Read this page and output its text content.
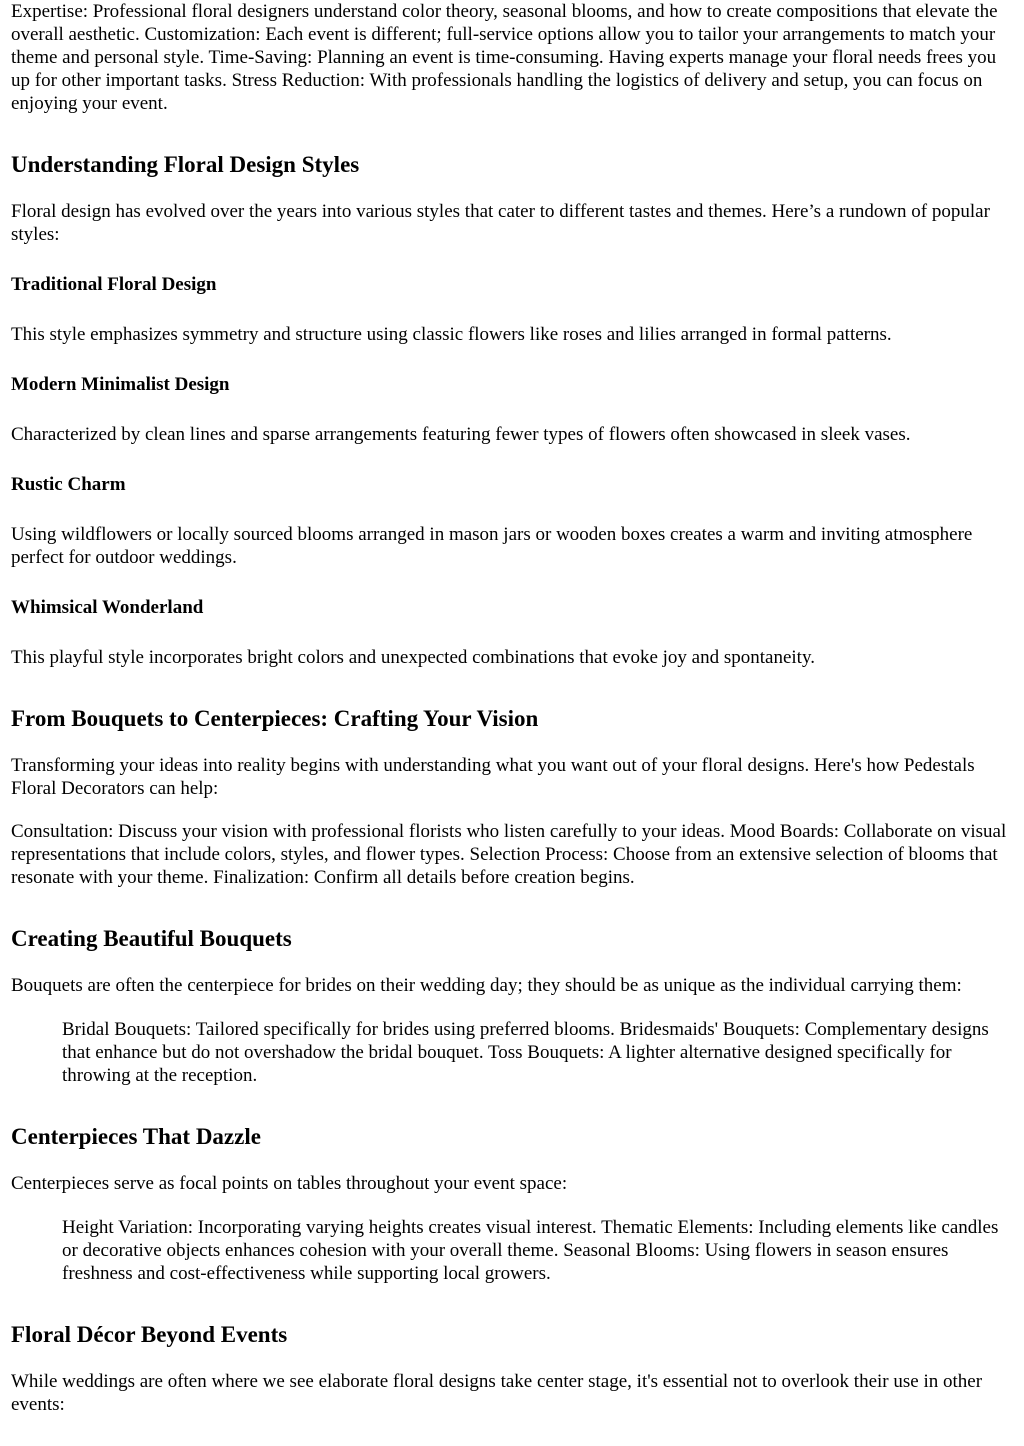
Expertise: Professional floral designers understand color theory, seasonal blooms, and how to create compositions that elevate the overall aesthetic. Customization: Each event is different; full-service options allow you to tailor your arrangements to match your theme and personal style. Time-Saving: Planning an event is time-consuming. Having experts manage your floral needs frees you up for other important tasks. Stress Reduction: With professionals handling the logistics of delivery and setup, you can focus on enjoying your event.

Understanding Floral Design Styles

Floral design has evolved over the years into various styles that cater to different tastes and themes. Here’s a rundown of popular styles:

Traditional Floral Design

This style emphasizes symmetry and structure using classic flowers like roses and lilies arranged in formal patterns.

Modern Minimalist Design

Characterized by clean lines and sparse arrangements featuring fewer types of flowers often showcased in sleek vases.

Rustic Charm

Using wildflowers or locally sourced blooms arranged in mason jars or wooden boxes creates a warm and inviting atmosphere perfect for outdoor weddings.

Whimsical Wonderland

This playful style incorporates bright colors and unexpected combinations that evoke joy and spontaneity.

From Bouquets to Centerpieces: Crafting Your Vision

Transforming your ideas into reality begins with understanding what you want out of your floral designs. Here's how Pedestals Floral Decorators can help:

Consultation: Discuss your vision with professional florists who listen carefully to your ideas. Mood Boards: Collaborate on visual representations that include colors, styles, and flower types. Selection Process: Choose from an extensive selection of blooms that resonate with your theme. Finalization: Confirm all details before creation begins.

Creating Beautiful Bouquets

Bouquets are often the centerpiece for brides on their wedding day; they should be as unique as the individual carrying them:

Bridal Bouquets: Tailored specifically for brides using preferred blooms. Bridesmaids' Bouquets: Complementary designs that enhance but do not overshadow the bridal bouquet. Toss Bouquets: A lighter alternative designed specifically for throwing at the reception.
Centerpieces That Dazzle

Centerpieces serve as focal points on tables throughout your event space:

Height Variation: Incorporating varying heights creates visual interest. Thematic Elements: Including elements like candles or decorative objects enhances cohesion with your overall theme. Seasonal Blooms: Using flowers in season ensures freshness and cost-effectiveness while supporting local growers.
Floral Décor Beyond Events

While weddings are often where we see elaborate floral designs take center stage, it's essential not to overlook their use in other events:
